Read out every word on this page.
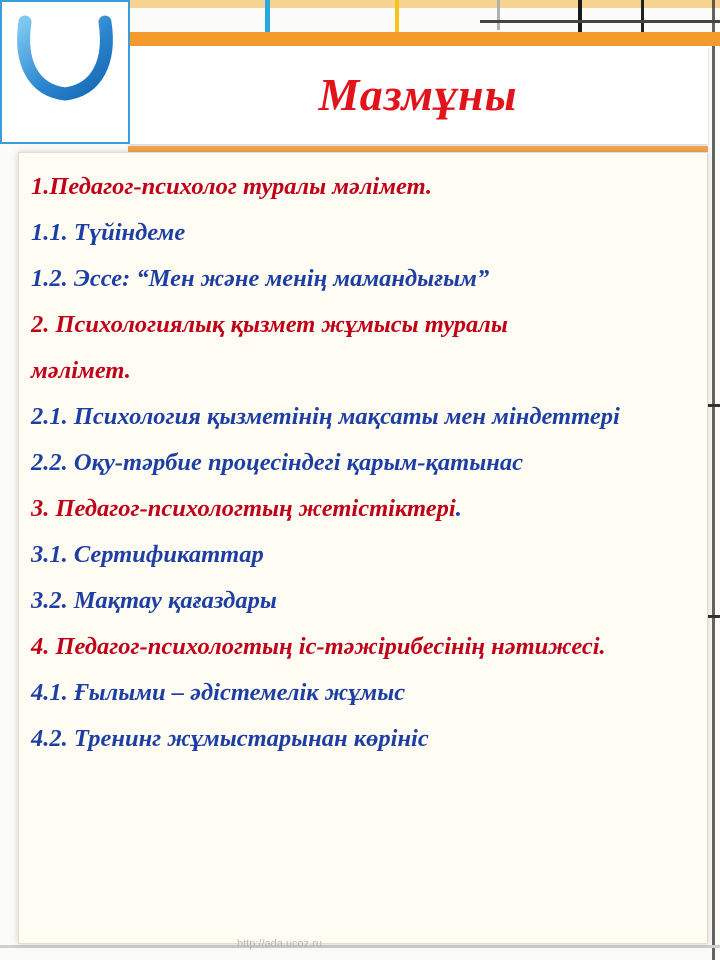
Мазмұны
1.Педагог-психолог туралы мәлімет.
1.1. Түйіндеме
1.2. Эссе: “Мен және менің мамандығым”
2. Психологиялық қызмет жұмысы туралы
мәлімет.
2.1. Психология қызметінің мақсаты мен міндеттері
2.2. Оқу-тәрбие процесіндегі қарым-қатынас
3. Педагог-психологтың жетістіктері.
3.1. Сертификаттар
3.2. Мақтау қағаздары
4. Педагог-психологтың іс-тәжірибесінің нәтижесі.
4.1. Ғылыми – әдістемелік жұмыс
4.2. Тренинг жұмыстарынан көрініс
http://ada.ucoz.ru
